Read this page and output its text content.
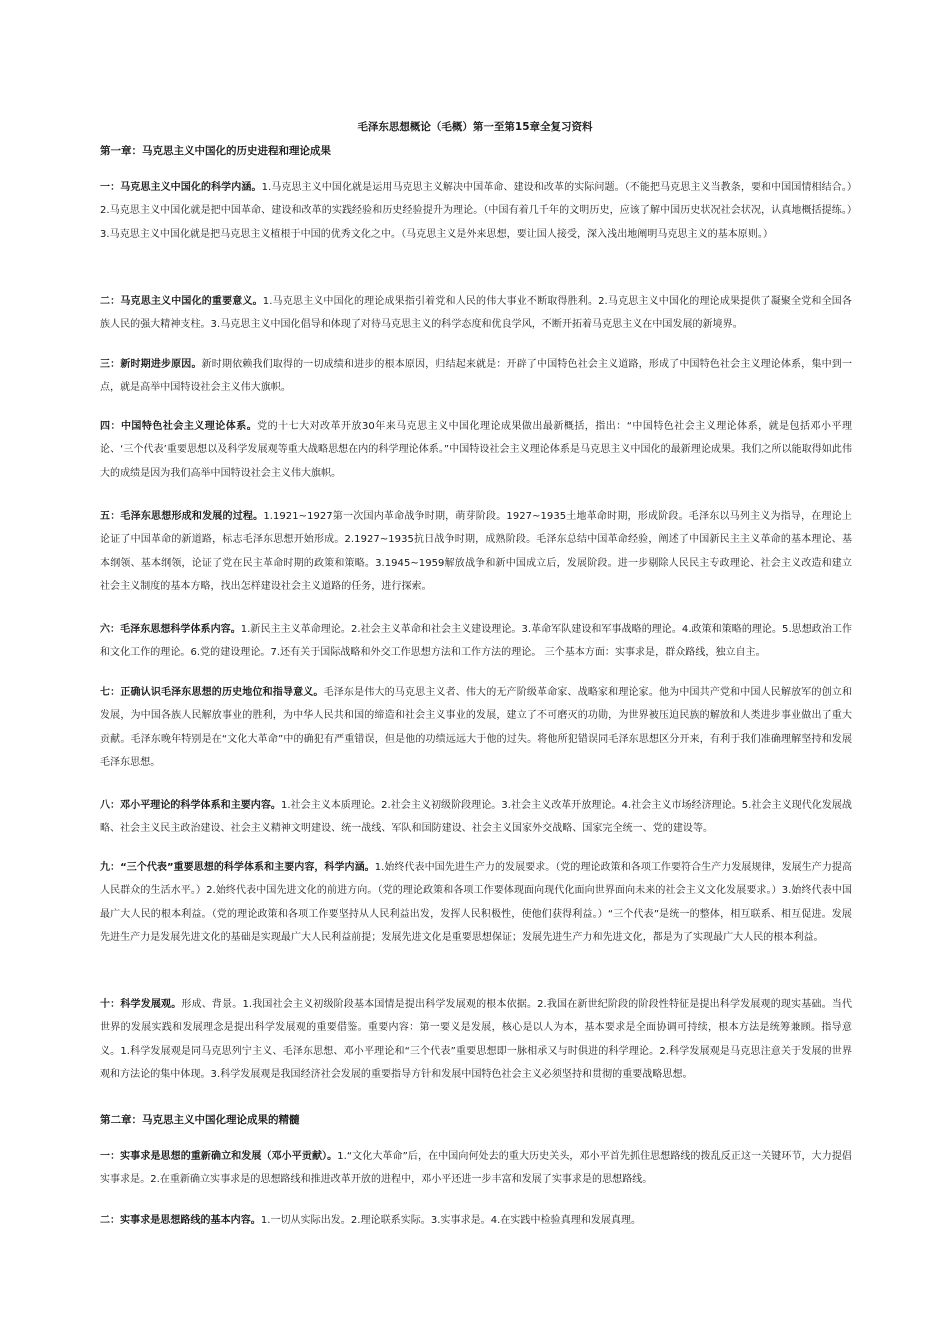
毛泽东思想概论（毛概）第一至第15章全复习资料
第一章：马克思主义中国化的历史进程和理论成果
一：马克思主义中国化的科学内涵。1.马克思主义中国化就是运用马克思主义解决中国革命、建设和改革的实际问题。（不能把马克思主义当教条，要和中国国情相结合。）2.马克思主义中国化就是把中国革命、建设和改革的实践经验和历史经验提升为理论。（中国有着几千年的文明历史，应该了解中国历史状况社会状况，认真地概括提练。）3.马克思主义中国化就是把马克思主义植根于中国的优秀文化之中。（马克思主义是外来思想，要让国人接受，深入浅出地阐明马克思主义的基本原则。）
二：马克思主义中国化的重要意义。1.马克思主义中国化的理论成果指引着党和人民的伟大事业不断取得胜利。2.马克思主义中国化的理论成果提供了凝聚全党和全国各族人民的强大精神支柱。3.马克思主义中国化倡导和体现了对待马克思主义的科学态度和优良学风，不断开拓着马克思主义在中国发展的新境界。
三：新时期进步原因。新时期依赖我们取得的一切成绩和进步的根本原因，归结起来就是：开辟了中国特色社会主义道路，形成了中国特色社会主义理论体系，集中到一点，就是高举中国特设社会主义伟大旗帜。
四：中国特色社会主义理论体系。党的十七大对改革开放30年来马克思主义中国化理论成果做出最新概括，指出：“中国特色社会主义理论体系，就是包括邓小平理论、‘三个代表’重要思想以及科学发展观等重大战略思想在内的科学理论体系。”中国特设社会主义理论体系是马克思主义中国化的最新理论成果。我们之所以能取得如此伟大的成绩是因为我们高举中国特设社会主义伟大旗帜。
五：毛泽东思想形成和发展的过程。1.1921~1927第一次国内革命战争时期，萌芽阶段。1927~1935土地革命时期，形成阶段。毛泽东以马列主义为指导，在理论上论证了中国革命的新道路，标志毛泽东思想开始形成。2.1927~1935抗日战争时期，成熟阶段。毛泽东总结中国革命经验，阐述了中国新民主主义革命的基本理论、基本纲领、基本纲领，论证了党在民主革命时期的政策和策略。3.1945~1959解放战争和新中国成立后，发展阶段。进一步剔除人民民主专政理论、社会主义改造和建立社会主义制度的基本方略，找出怎样建设社会主义道路的任务，进行探索。
六：毛泽东思想科学体系内容。1.新民主主义革命理论。2.社会主义革命和社会主义建设理论。3.革命军队建设和军事战略的理论。4.政策和策略的理论。5.思想政治工作和文化工作的理论。6.党的建设理论。7.还有关于国际战略和外交工作思想方法和工作方法的理论。 三个基本方面：实事求是，群众路线，独立自主。
七：正确认识毛泽东思想的历史地位和指导意义。毛泽东是伟大的马克思主义者、伟大的无产阶级革命家、战略家和理论家。他为中国共产党和中国人民解放军的创立和发展，为中国各族人民解放事业的胜利，为中华人民共和国的缔造和社会主义事业的发展，建立了不可磨灭的功勋，为世界被压迫民族的解放和人类进步事业做出了重大贡献。毛泽东晚年特别是在“文化大革命”中的确犯有严重错误，但是他的功绩远远大于他的过失。将他所犯错误同毛泽东思想区分开来，有利于我们准确理解坚持和发展毛泽东思想。
八：邓小平理论的科学体系和主要内容。1.社会主义本质理论。2.社会主义初级阶段理论。3.社会主义改革开放理论。4.社会主义市场经济理论。5.社会主义现代化发展战略、社会主义民主政治建设、社会主义精神文明建设、统一战线、军队和国防建设、社会主义国家外交战略、国家完全统一、党的建设等。
九：“三个代表”重要思想的科学体系和主要内容，科学内涵。1.始终代表中国先进生产力的发展要求。（党的理论政策和各项工作要符合生产力发展规律，发展生产力提高人民群众的生活水平。）2.始终代表中国先进文化的前进方向。（党的理论政策和各项工作要体现面向现代化面向世界面向未来的社会主义文化发展要求。）3.始终代表中国最广大人民的根本利益。（党的理论政策和各项工作要坚持从人民利益出发，发挥人民积极性，使他们获得利益。）“三个代表”是统一的整体，相互联系、相互促进。发展先进生产力是发展先进文化的基础是实现最广大人民利益前提；发展先进文化是重要思想保证；发展先进生产力和先进文化，都是为了实现最广大人民的根本利益。
十：科学发展观。形成、背景。1.我国社会主义初级阶段基本国情是提出科学发展观的根本依据。2.我国在新世纪阶段的阶段性特征是提出科学发展观的现实基础。当代世界的发展实践和发展理念是提出科学发展观的重要借鉴。重要内容：第一要义是发展，核心是以人为本，基本要求是全面协调可持续，根本方法是统筹兼顾。指导意义。1.科学发展观是同马克思列宁主义、毛泽东思想、邓小平理论和“三个代表”重要思想即一脉相承又与时俱进的科学理论。2.科学发展观是马克思注意关于发展的世界观和方法论的集中体现。3.科学发展观是我国经济社会发展的重要指导方针和发展中国特色社会主义必须坚持和贯彻的重要战略思想。
第二章：马克思主义中国化理论成果的精髓
一：实事求是思想的重新确立和发展（邓小平贡献）。1.“文化大革命”后，在中国向何处去的重大历史关头，邓小平首先抓住思想路线的拨乱反正这一关键环节，大力提倡实事求是。2.在重新确立实事求是的思想路线和推进改革开放的进程中，邓小平还进一步丰富和发展了实事求是的思想路线。
二：实事求是思想路线的基本内容。1.一切从实际出发。2.理论联系实际。3.实事求是。4.在实践中检验真理和发展真理。
